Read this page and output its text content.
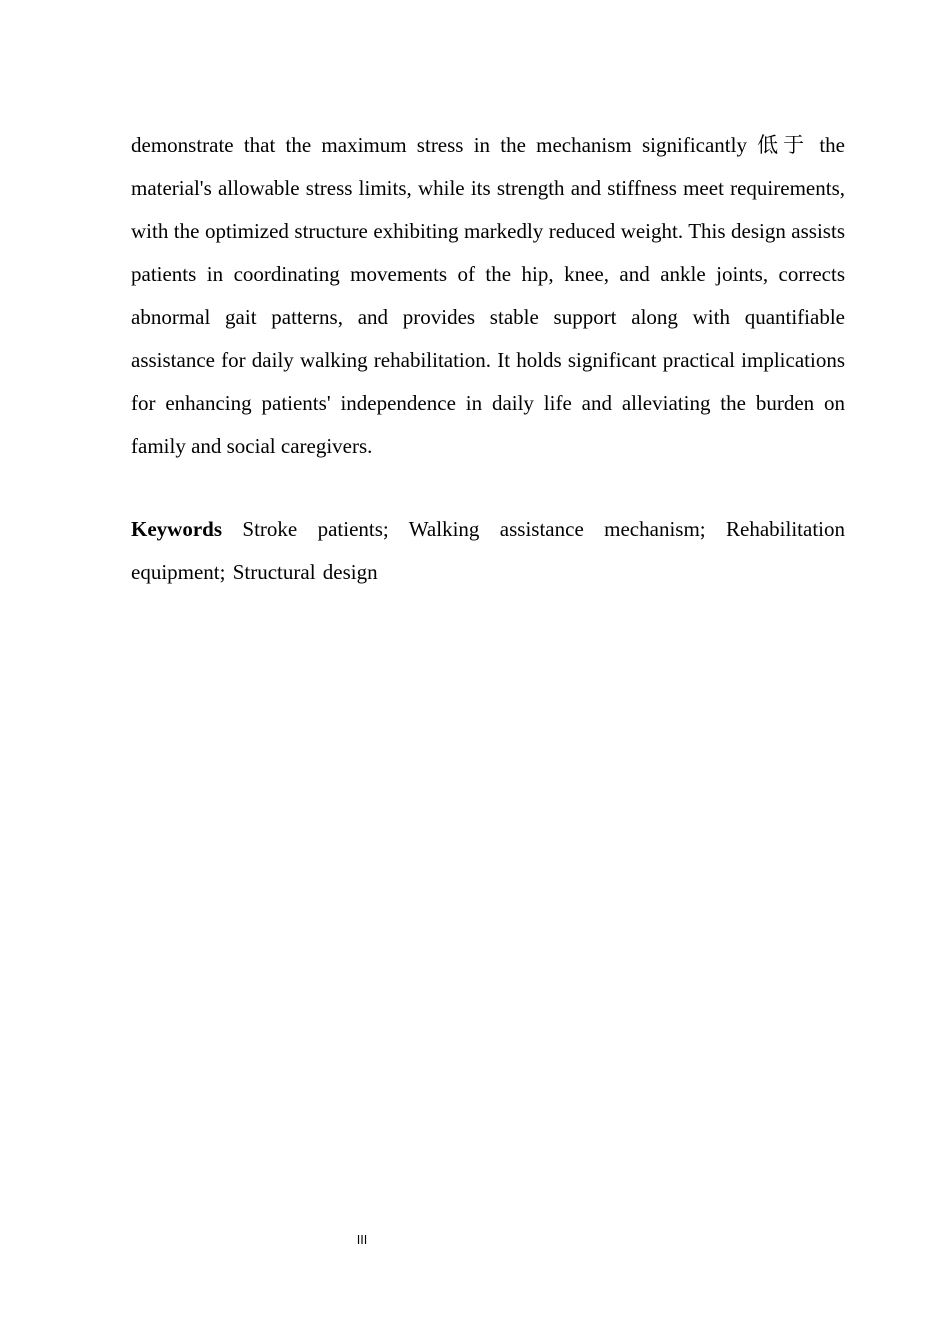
demonstrate that the maximum stress in the mechanism significantly 低于 the material's allowable stress limits, while its strength and stiffness meet requirements, with the optimized structure exhibiting markedly reduced weight. This design assists patients in coordinating movements of the hip, knee, and ankle joints, corrects abnormal gait patterns, and provides stable support along with quantifiable assistance for daily walking rehabilitation. It holds significant practical implications for enhancing patients' independence in daily life and alleviating the burden on family and social caregivers.

Keywords Stroke patients; Walking assistance mechanism; Rehabilitation equipment; Structural design

III
